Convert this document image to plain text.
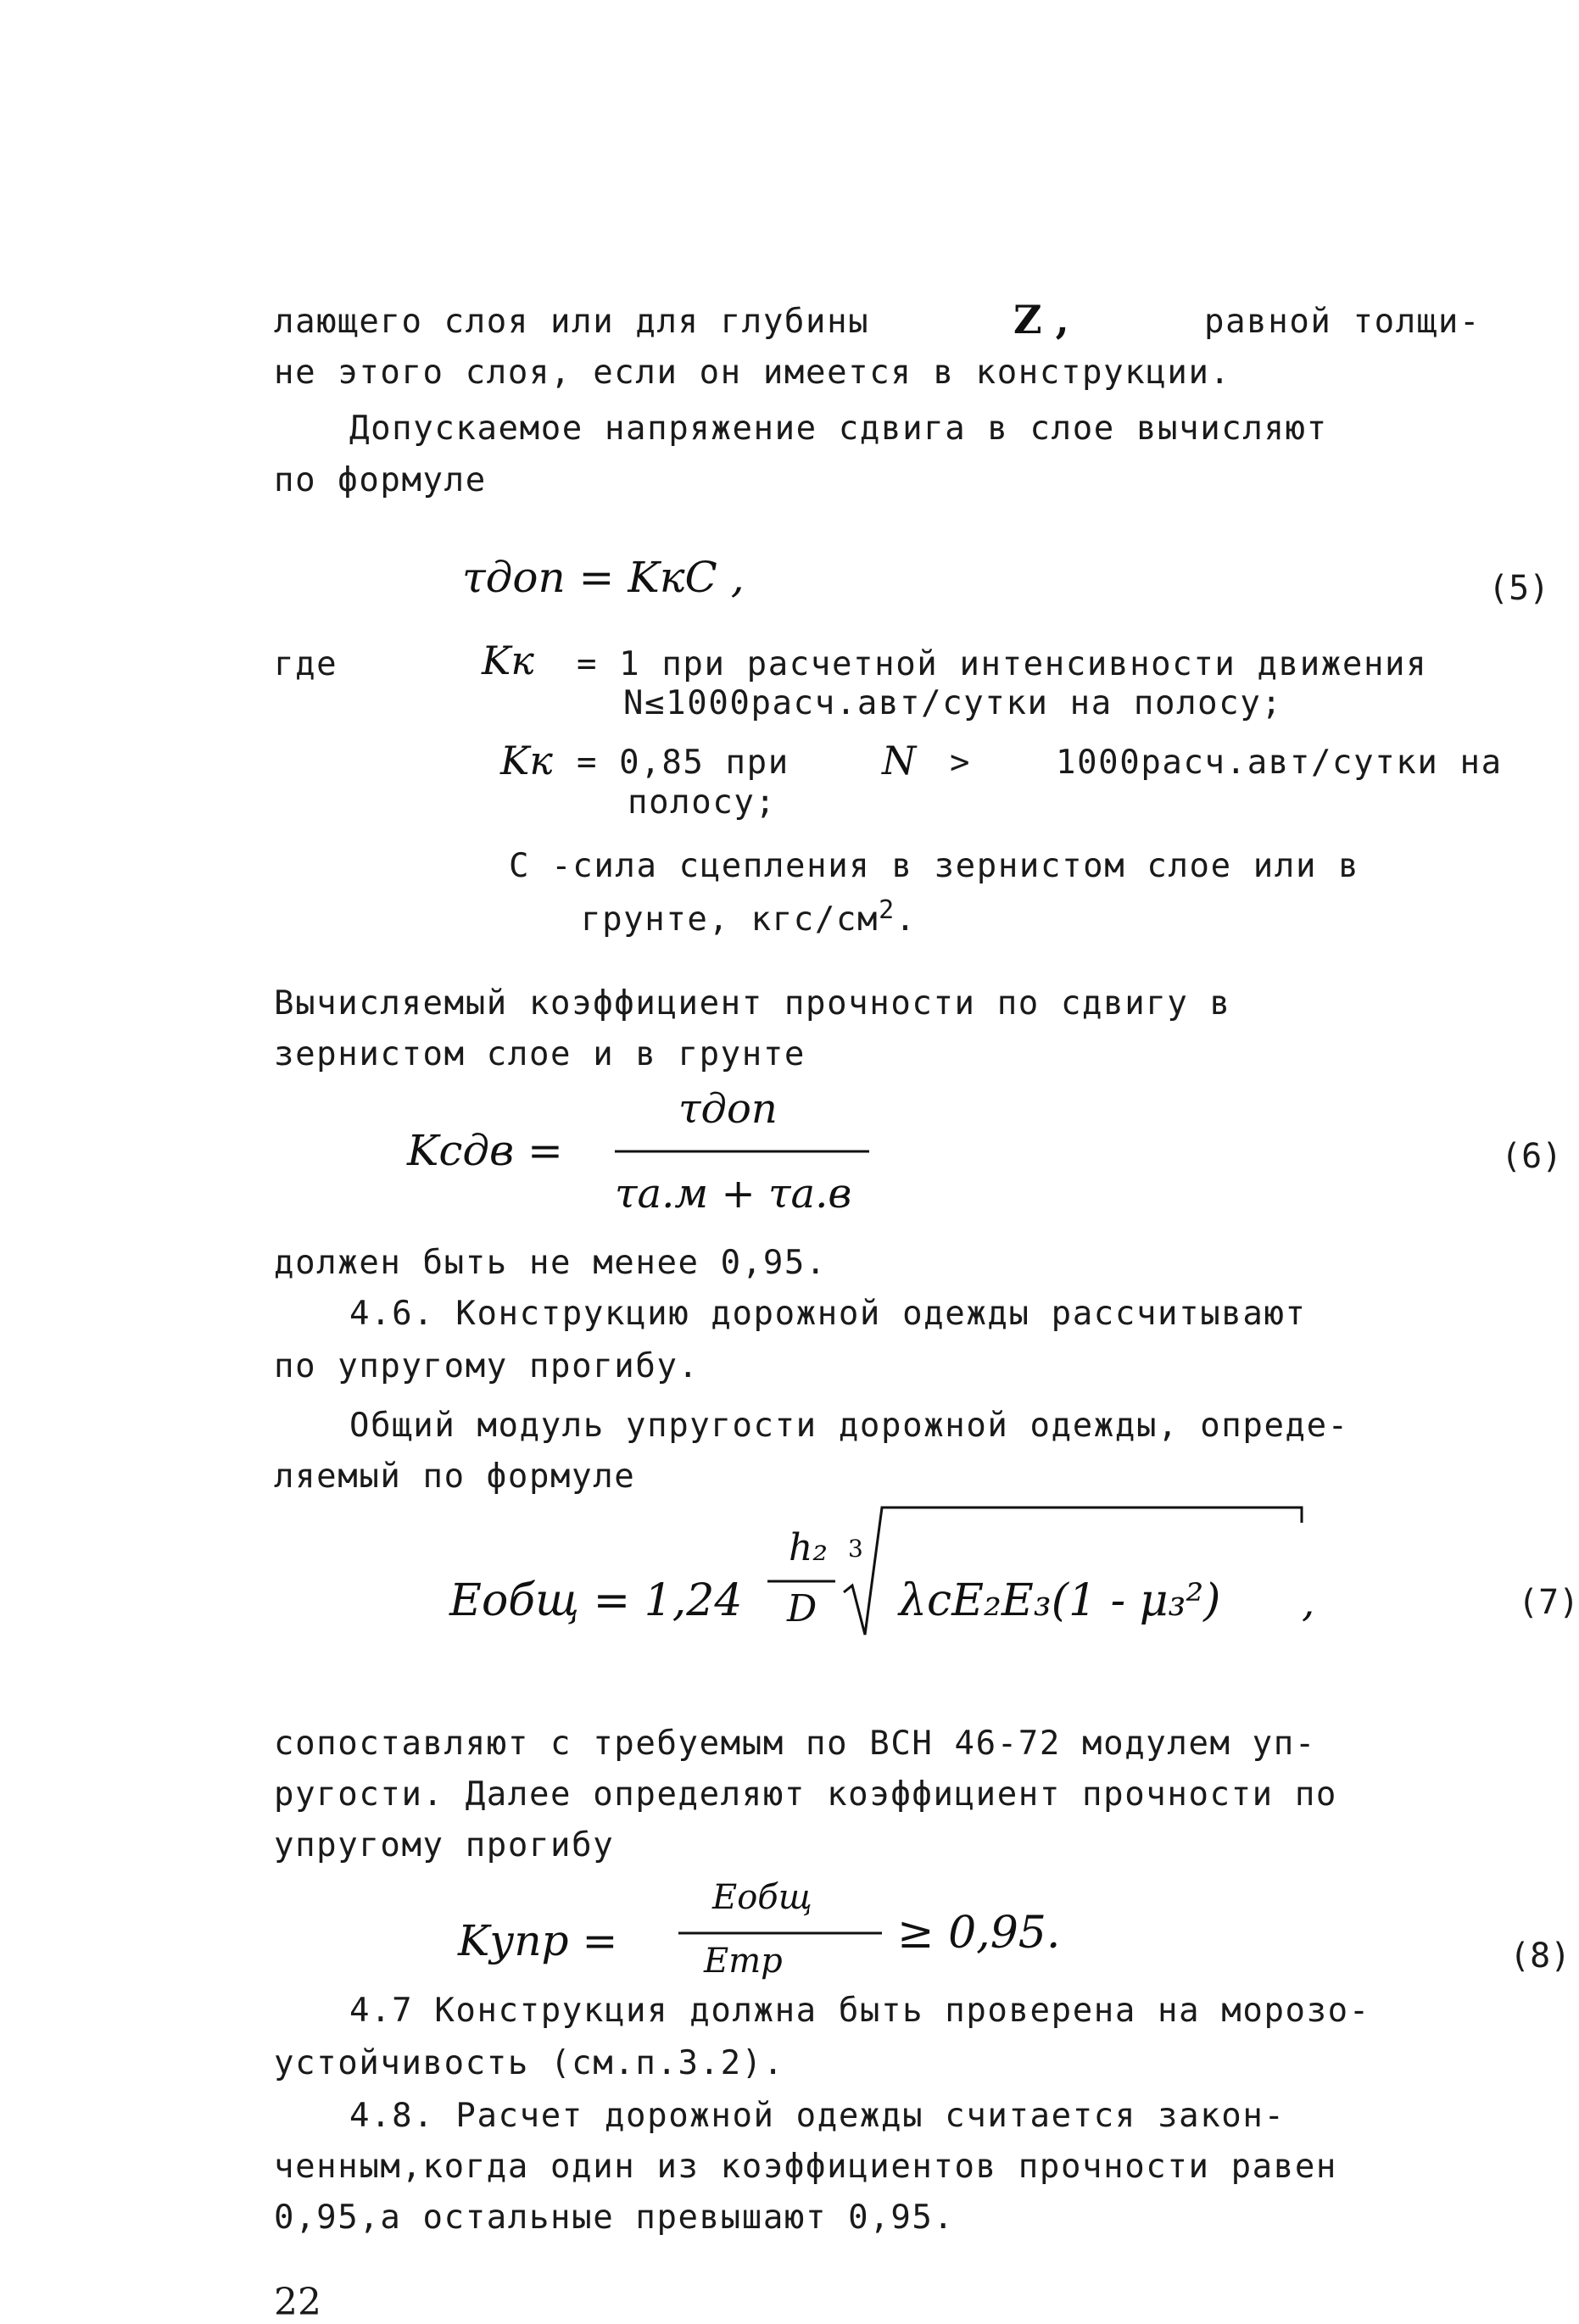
лающего слоя или для глубины	Z ,	равной толщи-
не этого слоя, если он имеется в конструкции.
Допускаемое напряжение сдвига в слое вычисляют
по формуле
τдоп = KкC ,	(5)
где	Kк = 1 при расчетной интенсивности движения
N≤1000расч.авт/сутки на полосу;
Kк = 0,85 при N >	1000расч.авт/сутки на
полосу;
C -сила сцепления в зернистом слое или в
грунте, кгс/$см^2$.
Вычисляемый коэффициент прочности по сдвигу в
зернистом слое и в грунте
Kсдв =
τдоп
τа.м + τа.в
(6)
должен быть не менее 0,95.
4.6. Конструкцию дорожной одежды рассчитывают
по упругому прогибу.
Общий модуль упругости дорожной одежды, опреде-
ляемый по формуле
Eобщ = 1,24
h₂
D
3
λcE₂E₃(1 - μ₃²) ,	(7)
сопоставляют с требуемым по ВСН 46-72 модулем уп-
ругости. Далее определяют коэффициент прочности по
упругому прогибу
Kупр =
Eобщ
Eтр
≥ 0,95.	(8)
4.7 Конструкция должна быть проверена на морозо-
устойчивость (см.п.3.2).
4.8. Расчет дорожной одежды считается закон-
ченным,когда один из коэффициентов прочности равен
0,95,а остальные превышают 0,95.
22
